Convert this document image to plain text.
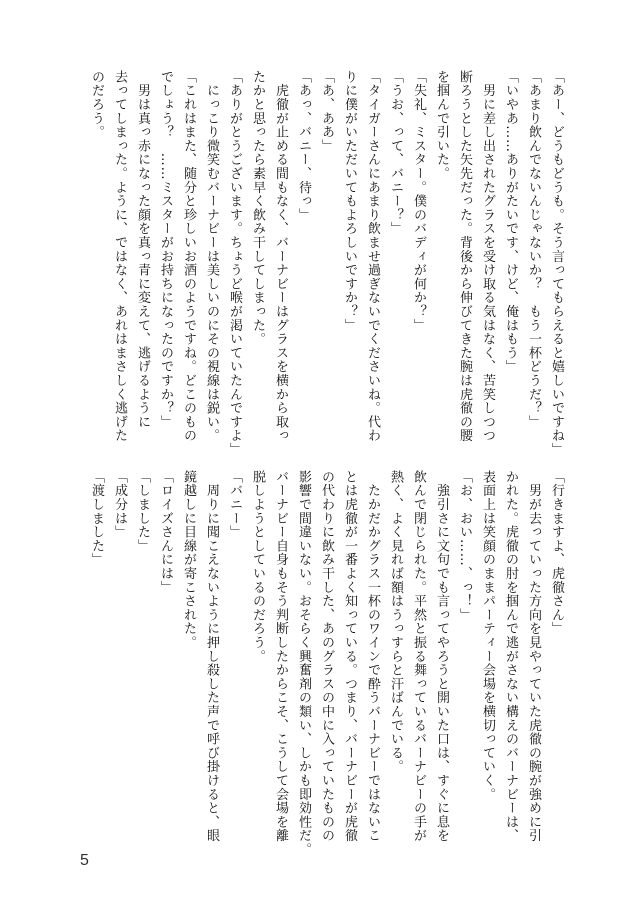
「あー、どうもどうも。そう言ってもらえると嬉しいですね」
「あまり飲んでないんじゃないか？　もう一杯どうだ？」
「いやあ……ありがたいです、けど、俺はもう」
　男に差し出されたグラスを受け取る気はなく、苦笑しつつ
断ろうとした矢先だった。背後から伸びてきた腕は虎徹の腰
を掴んで引いた。
「失礼、ミスター。僕のバディが何か？」
「うお、って、バニー？」
「タイガーさんにあまり飲ませ過ぎないでくださいね。代わ
りに僕がいただいてもよろしいですか？」
「あ、ああ」
「あっ、バニー、待っ」
　虎徹が止める間もなく、バーナビーはグラスを横から取っ
たかと思ったら素早く飲み干してしまった。
「ありがとうございます。ちょうど喉が渇いていたんですよ」
　にっこり微笑むバーナビーは美しいのにその視線は鋭い。
「これはまた、随分と珍しいお酒のようですね。どこのもの
でしょう？　……ミスターがお持ちになったのですか？」
　男は真っ赤になった顔を真っ青に変えて、逃げるように
去ってしまった。ように、ではなく、あれはまさしく逃げた
のだろう。
「行きますよ、虎徹さん」
　男が去っていった方向を見やっていた虎徹の腕が強めに引
かれた。虎徹の肘を掴んで逃がさない構えのバーナビーは、
表面上は笑顔のままパーティー会場を横切っていく。
「お、おい……、っ！」
　強引さに文句でも言ってやろうと開いた口は、すぐに息を
飲んで閉じられた。平然と振る舞っているバーナビーの手が
熱く、よく見れば額はうっすらと汗ばんでいる。
　たかだかグラス一杯のワインで酔うバーナビーではないこ
とは虎徹が一番よく知っている。つまり、バーナビーが虎徹
の代わりに飲み干した、あのグラスの中に入っていたものの
影響で間違いない。おそらく興奮剤の類い、しかも即効性だ。
バーナビー自身もそう判断したからこそ、こうして会場を離
脱しようとしているのだろう。
「バニー」
　周りに聞こえないように押し殺した声で呼び掛けると、眼
鏡越しに目線が寄こされた。
「ロイズさんには」
「しました」
「成分は」
「渡しました」
5
